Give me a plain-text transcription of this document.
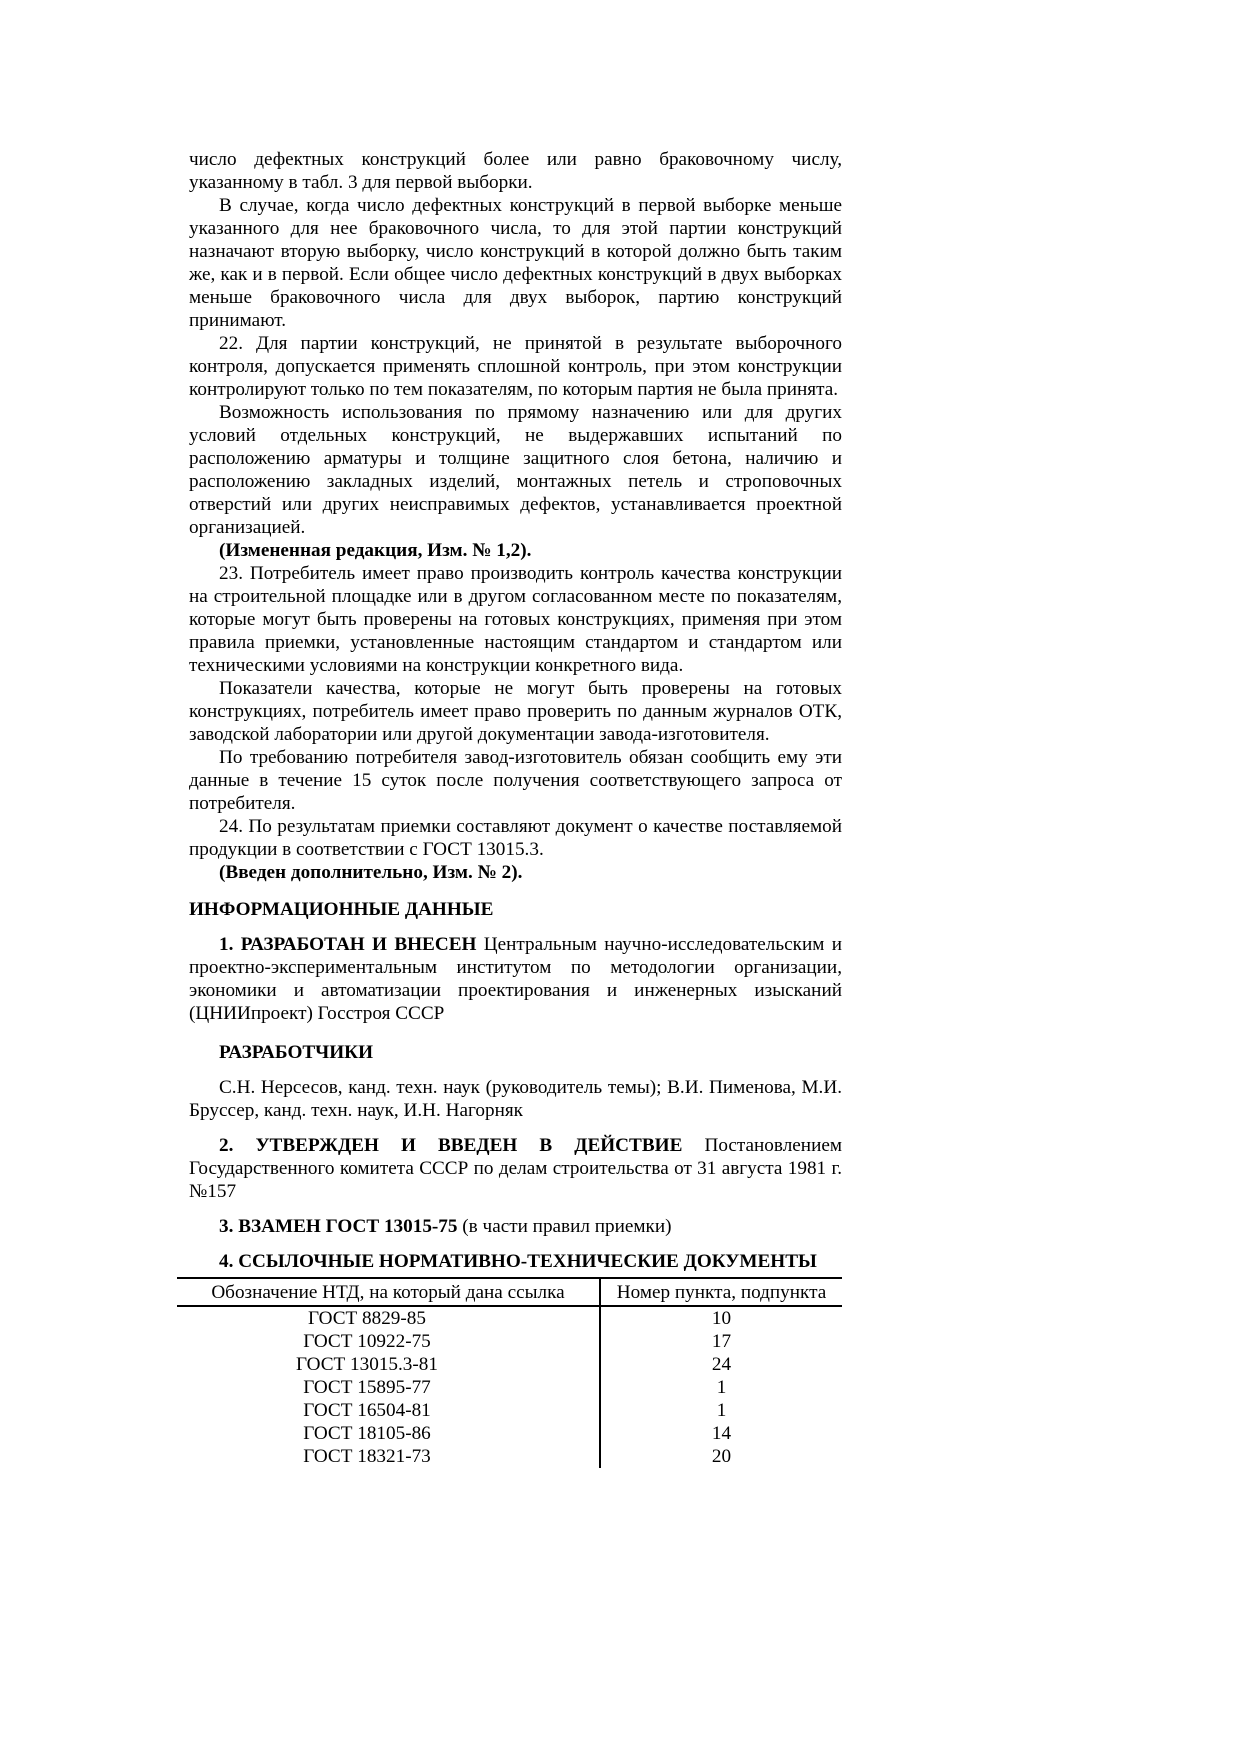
число дефектных конструкций более или равно браковочному числу, указанному в табл. 3 для первой выборки.

В случае, когда число дефектных конструкций в первой выборке меньше указанного для нее браковочного числа, то для этой партии конструкций назначают вторую выборку, число конструкций в которой должно быть таким же, как и в первой. Если общее число дефектных конструкций в двух выборках меньше браковочного числа для двух выборок, партию конструкций принимают.

22. Для партии конструкций, не принятой в результате выборочного контроля, допускается применять сплошной контроль, при этом конструкции контролируют только по тем показателям, по которым партия не была принята.

Возможность использования по прямому назначению или для других условий отдельных конструкций, не выдержавших испытаний по расположению арматуры и толщине защитного слоя бетона, наличию и расположению закладных изделий, монтажных петель и строповочных отверстий или других неисправимых дефектов, устанавливается проектной организацией.

(Измененная редакция, Изм. № 1,2).

23. Потребитель имеет право производить контроль качества конструкции на строительной площадке или в другом согласованном месте по показателям, которые могут быть проверены на готовых конструкциях, применяя при этом правила приемки, установленные настоящим стандартом и стандартом или техническими условиями на конструкции конкретного вида.

Показатели качества, которые не могут быть проверены на готовых конструкциях, потребитель имеет право проверить по данным журналов ОТК, заводской лаборатории или другой документации завода-изготовителя.

По требованию потребителя завод-изготовитель обязан сообщить ему эти данные в течение 15 суток после получения соответствующего запроса от потребителя.

24. По результатам приемки составляют документ о качестве поставляемой продукции в соответствии с ГОСТ 13015.3.

(Введен дополнительно, Изм. № 2).

ИНФОРМАЦИОННЫЕ ДАННЫЕ

1. РАЗРАБОТАН И ВНЕСЕН Центральным научно-исследовательским и проектно-экспериментальным институтом по методологии организации, экономики и автоматизации проектирования и инженерных изысканий (ЦНИИпроект) Госстроя СССР

РАЗРАБОТЧИКИ

С.Н. Нерсесов, канд. техн. наук (руководитель темы); В.И. Пименова, М.И. Бруссер, канд. техн. наук, И.Н. Нагорняк

2. УТВЕРЖДЕН И ВВЕДЕН В ДЕЙСТВИЕ Постановлением Государственного комитета СССР по делам строительства от 31 августа 1981 г. №157

3. ВЗАМЕН ГОСТ 13015-75 (в части правил приемки)

4. ССЫЛОЧНЫЕ НОРМАТИВНО-ТЕХНИЧЕСКИЕ ДОКУМЕНТЫ

Обозначение НТД, на который дана ссылка	Номер пункта, подпункта
ГОСТ 8829-85	10
ГОСТ 10922-75	17
ГОСТ 13015.3-81	24
ГОСТ 15895-77	1
ГОСТ 16504-81	1
ГОСТ 18105-86	14
ГОСТ 18321-73	20
